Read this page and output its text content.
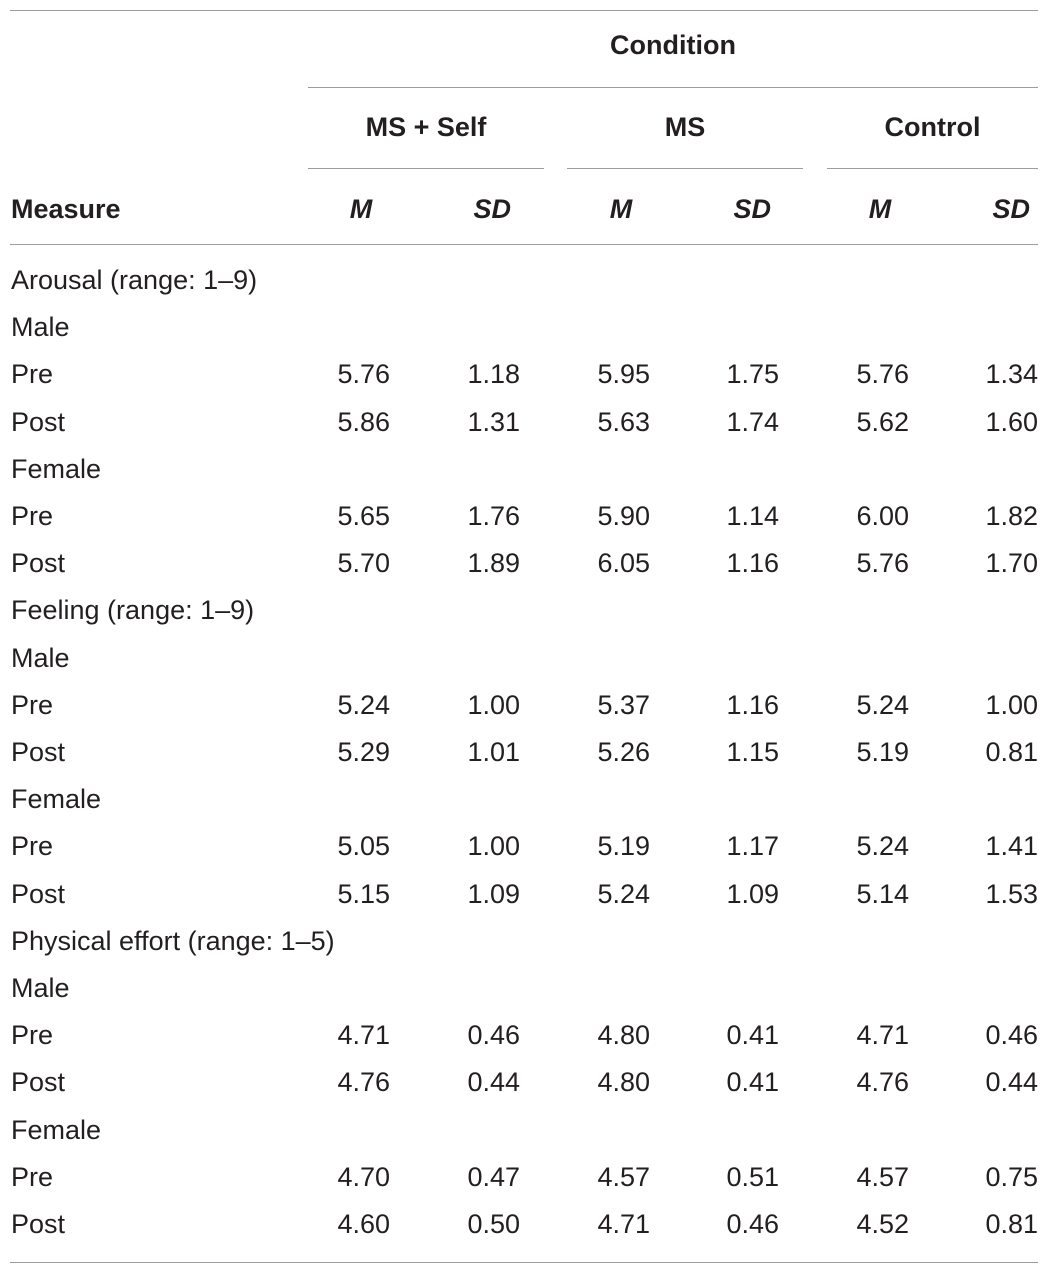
Condition
MS + Self	MS	Control
Measure	M	SD	M	SD	M	SD
Arousal (range: 1–9)
Male
Pre	5.76	1.18	5.95	1.75	5.76	1.34
Post	5.86	1.31	5.63	1.74	5.62	1.60
Female
Pre	5.65	1.76	5.90	1.14	6.00	1.82
Post	5.70	1.89	6.05	1.16	5.76	1.70
Feeling (range: 1–9)
Male
Pre	5.24	1.00	5.37	1.16	5.24	1.00
Post	5.29	1.01	5.26	1.15	5.19	0.81
Female
Pre	5.05	1.00	5.19	1.17	5.24	1.41
Post	5.15	1.09	5.24	1.09	5.14	1.53
Physical effort (range: 1–5)
Male
Pre	4.71	0.46	4.80	0.41	4.71	0.46
Post	4.76	0.44	4.80	0.41	4.76	0.44
Female
Pre	4.70	0.47	4.57	0.51	4.57	0.75
Post	4.60	0.50	4.71	0.46	4.52	0.81
